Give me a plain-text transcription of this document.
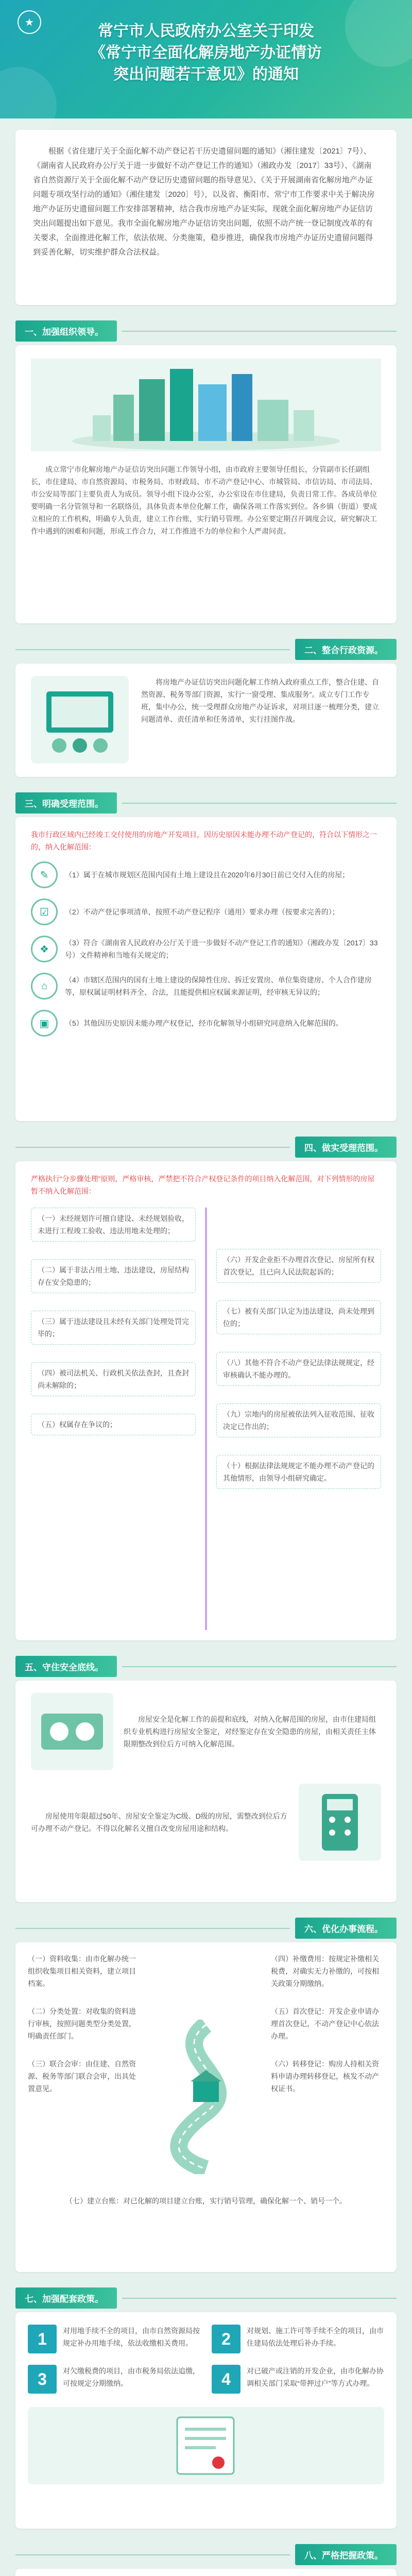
★
常宁市人民政府办公室关于印发
《常宁市全面化解房地产办证情访
突出问题若干意见》的通知
根据《省住建厅关于全面化解不动产登记若干历史遗留问题的通知》（湘住建发〔2021〕7号）、《湖南省人民政府办公厅关于进一步做好不动产登记工作的通知》（湘政办发〔2017〕33号）、《湖南省自然资源厅关于全面化解不动产登记历史遗留问题的指导意见》、《关于开展湖南省化解房地产办证问题专项攻坚行动的通知》（湘住建发〔2020〕号），以及省、衡阳市、常宁市工作要求中关于解决房地产办证历史遗留问题工作安排部署精神，结合我市房地产办证实际，现就全面化解房地产办证信访突出问题提出如下意见。我市全面化解房地产办证信访突出问题，依照不动产统一登记制度改革的有关要求，全面推进化解工作，依法依规、分类施策，稳步推进，确保我市房地产办证历史遗留问题得到妥善化解，切实维护群众合法权益。
一、加强组织领导。
成立常宁市化解房地产办证信访突出问题工作领导小组，由市政府主要领导任组长，分管副市长任副组长，市住建局、市自然资源局、市税务局、市财政局、市不动产登记中心、市城管局、市信访局、市司法局、市公安局等部门主要负责人为成员。领导小组下设办公室，办公室设在市住建局，负责日常工作。各成员单位要明确一名分管领导和一名联络员，具体负责本单位化解工作，确保各项工作落实到位。各乡镇（街道）要成立相应的工作机构，明确专人负责，建立工作台账，实行销号管理。办公室要定期召开调度会议，研究解决工作中遇到的困难和问题，形成工作合力，对工作推进不力的单位和个人严肃问责。
二、整合行政资源。
将房地产办证信访突出问题化解工作纳入政府重点工作，整合住建、自然资源、税务等部门资源，实行“一窗受理、集成服务”。成立专门工作专班，集中办公，统一受理群众房地产办证诉求，对项目逐一梳理分类，建立问题清单、责任清单和任务清单，实行挂图作战。
三、明确受理范围。
我市行政区域内已经竣工交付使用的房地产开发项目，因历史原因未能办理不动产登记的，符合以下情形之一的，纳入化解范围：
✎	（1）属于在城市规划区范围内国有土地上建设且在2020年6月30日前已交付入住的房屋；
☑	（2）不动产登记事项清单，按照不动产登记程序（通用）要求办理（按要求完善的）；
❖
（3）符合《湖南省人民政府办公厅关于进一步做好不动产登记工作的通知》（湘政办发〔2017〕33号）文件精神和当地有关规定的；
⌂
（4）市辖区范围内的国有土地上建设的保障性住房、拆迁安置房、单位集资建房、个人合作建房等，原权属证明材料齐全、合法，且能提供相应权属来源证明，经审核无异议的；
▣	（5）其他因历史原因未能办理产权登记，经市化解领导小组研究同意纳入化解范围的。
四、做实受理范围。
严格执行“分步骤处理”原则，严格审核，严禁把不符合产权登记条件的项目纳入化解范围，对下列情形的房屋暂不纳入化解范围：
（一）未经规划许可擅自建设、未经规划验收，未进行工程竣工验收、违法用地未处理的；
（二）属于非法占用土地、违法建设，房屋结构存在安全隐患的；
（三）属于违法建设且未经有关部门处理处罚完毕的；
（四）被司法机关、行政机关依法查封，且查封尚未解除的；
（五）权属存在争议的；
（六）开发企业拒不办理首次登记、房屋所有权首次登记，且已向人民法院起诉的；
（七）被有关部门认定为违法建设，尚未处理到位的；
（八）其他不符合不动产登记法律法规规定，经审核确认不能办理的。
（九）宗地内的房屋被依法列入征收范围、征收决定已作出的；
（十）根据法律法规规定不能办理不动产登记的其他情形，由领导小组研究确定。
五、守住安全底线。
房屋安全是化解工作的前提和底线，对纳入化解范围的房屋，由市住建局组织专业机构进行房屋安全鉴定，对经鉴定存在安全隐患的房屋，由相关责任主体限期整改到位后方可纳入化解范围。
房屋使用年限超过50年、房屋安全鉴定为C级、D级的房屋，需整改到位后方可办理不动产登记。不得以化解名义擅自改变房屋用途和结构。
六、优化办事流程。
（一）资料收集：由市化解办统一组织收集项目相关资料，建立项目档案。
（二）分类处置：对收集的资料进行审核，按照问题类型分类处置，明确责任部门。
（三）联合会审：由住建、自然资源、税务等部门联合会审，出具处置意见。
（四）补缴费用：按规定补缴相关税费，对确实无力补缴的，可按相关政策分期缴纳。
（五）首次登记：开发企业申请办理首次登记，不动产登记中心依法办理。
（六）转移登记：购房人持相关资料申请办理转移登记，核发不动产权证书。
（七）建立台账：对已化解的项目建立台账，实行销号管理，确保化解一个、销号一个。
七、加强配套政策。
1	对用地手续不全的项目，由市自然资源局按规定补办用地手续，依法收缴相关费用。	2	对规划、施工许可等手续不全的项目，由市住建局依法处理后补办手续。
3	对欠缴税费的项目，由市税务局依法追缴，可按规定分期缴纳。	4	对已破产或注销的开发企业，由市化解办协调相关部门采取“带押过户”等方式办理。
八、严格把握政策。
